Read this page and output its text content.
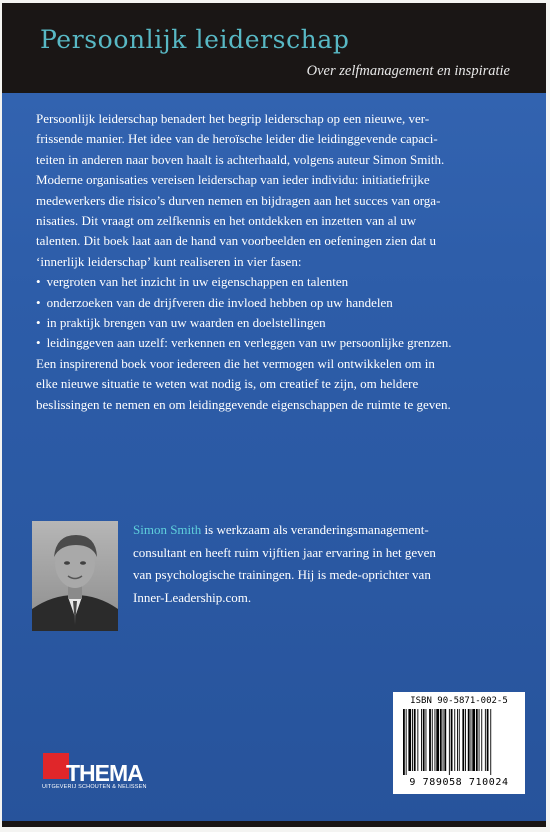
Persoonlijk leiderschap
Over zelfmanagement en inspiratie

Persoonlijk leiderschap benadert het begrip leiderschap op een nieuwe, ver-

frissende manier. Het idee van de heroïsche leider die leidinggevende capaci-

teiten in anderen naar boven haalt is achterhaald, volgens auteur Simon Smith.

Moderne organisaties vereisen leiderschap van ieder individu: initiatiefrijke

medewerkers die risico’s durven nemen en bijdragen aan het succes van orga-

nisaties. Dit vraagt om zelfkennis en het ontdekken en inzetten van al uw

talenten. Dit boek laat aan de hand van voorbeelden en oefeningen zien dat u

‘innerlijk leiderschap’ kunt realiseren in vier fasen:

• vergroten van het inzicht in uw eigenschappen en talenten

• onderzoeken van de drijfveren die invloed hebben op uw handelen

• in praktijk brengen van uw waarden en doelstellingen

• leidinggeven aan uzelf: verkennen en verleggen van uw persoonlijke grenzen.

Een inspirerend boek voor iedereen die het vermogen wil ontwikkelen om in

elke nieuwe situatie te weten wat nodig is, om creatief te zijn, om heldere

beslissingen te nemen en om leidinggevende eigenschappen de ruimte te geven.

Simon Smith is werkzaam als veranderingsmanagement-
consultant en heeft ruim vijftien jaar ervaring in het geven
van psychologische trainingen. Hij is mede-oprichter van
Inner-Leadership.com.
ISBN 90-5871-002-5
9 789058 710024
THEMA
UITGEVERIJ SCHOUTEN & NELISSEN
